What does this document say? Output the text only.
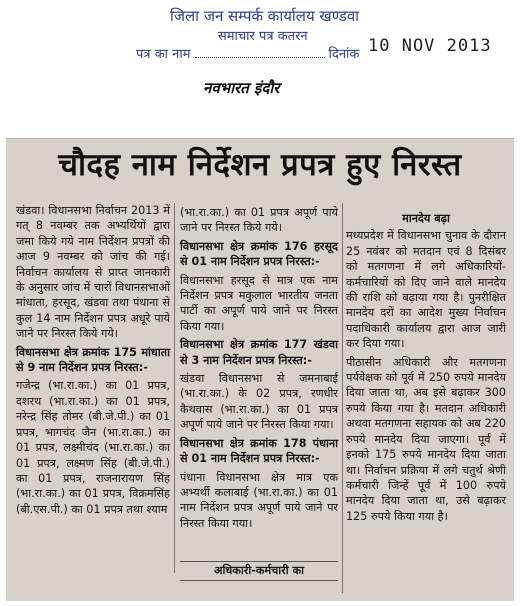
जिला जन सम्पर्क कार्यालय खण्डवा
समाचार पत्र कतरन
पत्र का नाम	दिनांक 10 NOV 2013
नवभारत इंदौर
चौदह नाम निर्देशन प्रपत्र हुए निरस्त

खंडवा। विधानसभा निर्वाचन 2013 में गत् 8 नवम्बर तक अभ्यर्थियों द्वारा जमा किये गये नाम निर्देशन प्रपत्रों की आज 9 नवम्बर को जांच की गई। निर्वाचन कार्यालय से प्राप्त जानकारी के अनुसार जांच में चारों विधानसभाओं मांधाता, हरसूद, खंडवा तथा पंधाना से कुल 14 नाम निर्देशन प्रपत्र अधूरे पाये जाने पर निरस्त किये गये।

विधानसभा क्षेत्र क्रमांक 175 मांधाता से 9 नाम निर्देशन प्रपत्र निरस्त:-

गजेन्द्र (भा.रा.का.) का 01 प्रपत्र, दशरथ (भा.रा.का.) का 01 प्रपत्र, नरेन्द्र सिंह तोमर (बी.जे.पी.) का 01 प्रपत्र, भागचंद जैन (भा.रा.का.) का 01 प्रपत्र, लक्ष्मीचंद (भा.रा.का.) का 01 प्रपत्र, लक्ष्मण सिंह (बी.जे.पी.) का 01 प्रपत्र, राजनारायण सिंह (भा.रा.का.) का 01 प्रपत्र, विक्रमसिंह (बी.एस.पी.) का 01 प्रपत्र तथा श्याम

(भा.रा.का.) का 01 प्रपत्र अपूर्ण पाये जाने पर निरस्त किये गये।

विधानसभा क्षेत्र क्रमांक 176 हरसूद से 01 नाम निर्देशन प्रपत्र निरस्त:-

विधानसभा हरसूद से मात्र एक नाम निर्देशन प्रपत्र मकुलाल भारतीय जनता पार्टी का अपूर्ण पाये जाने पर निरस्त किया गया।

विधानसभा क्षेत्र क्रमांक 177 खंडवा से 3 नाम निर्देशन प्रपत्र निरस्त:-

खंडवा विधानसभा से जमनाबाई (भा.रा.का.) के 02 प्रपत्र, रणधीर कैथवास (भा.रा.का.) का 01 प्रपत्र अपूर्ण पाये जाने पर निरस्त किया गया।

विधानसभा क्षेत्र क्रमांक 178 पंधाना से 01 नाम निर्देशन प्रपत्र निरस्त:-

पंधाना विधानसभा क्षेत्र मात्र एक अभ्यर्थी कलाबाई (भा.रा.का.) का 01 नाम निर्देशन प्रपत्र अपूर्ण पाये जाने पर निरस्त किया गया।

अधिकारी-कर्मचारी का
मानदेय बढ़ा

मध्यप्रदेश में विधानसभा चुनाव के दौरान 25 नवंबर को मतदान एवं 8 दिसंबर को मतगणना में लगे अधिकारियों-कर्मचारियों को दिए जाने वाले मानदेय की राशि को बढ़ाया गया है। पुनरीक्षित मानदेय दरों का आदेश मुख्य निर्वाचन पदाधिकारी कार्यालय द्वारा आज जारी कर दिया गया।

पीठासीन अधिकारी और मतगणना पर्यवेक्षक को पूर्व में 250 रुपये मानदेय दिया जाता था, अब इसे बढ़ाकर 300 रुपये किया गया है। मतदान अधिकारी अथवा मतगणना सहायक को अब 220 रुपये मानदेय दिया जाएगा। पूर्व में इनको 175 रुपये मानदेय दिया जाता था। निर्वाचन प्रक्रिया में लगे चतुर्थ श्रेणी कर्मचारी जिन्हें पूर्व में 100 रुपये मानदेय दिया जाता था, उसे बढ़ाकर 125 रुपये किया गया है।
